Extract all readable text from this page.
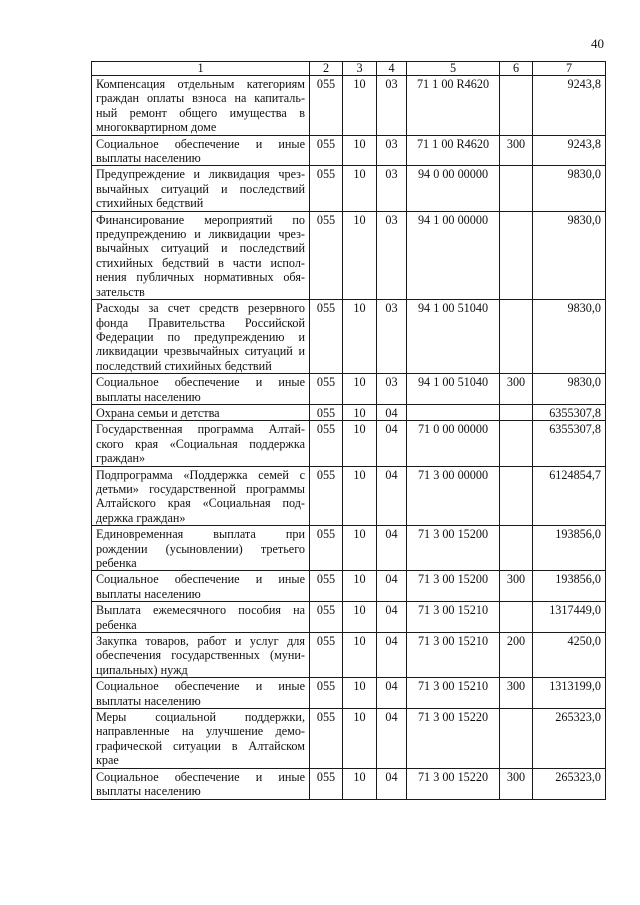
40
1	2	3	4	5	6	7
Компенсация отдельным категориям граждан оплаты взноса на капиталь-ный ремонт общего имущества в многоквартирном доме	055	10	03	71 1 00 R4620		9243,8
Социальное обеспечение и иные выплаты населению	055	10	03	71 1 00 R4620	300	9243,8
Предупреждение и ликвидация чрез-вычайных ситуаций и последствий стихийных бедствий	055	10	03	94 0 00 00000		9830,0
Финансирование мероприятий по предупреждению и ликвидации чрез-вычайных ситуаций и последствий стихийных бедствий в части испол-нения публичных нормативных обя-зательств	055	10	03	94 1 00 00000		9830,0
Расходы за счет средств резервного фонда Правительства Российской Федерации по предупреждению и ликвидации чрезвычайных ситуаций и последствий стихийных бедствий	055	10	03	94 1 00 51040		9830,0
Социальное обеспечение и иные выплаты населению	055	10	03	94 1 00 51040	300	9830,0
Охрана семьи и детства	055	10	04			6355307,8
Государственная программа Алтай-ского края «Социальная поддержка граждан»	055	10	04	71 0 00 00000		6355307,8
Подпрограмма «Поддержка семей с детьми» государственной программы Алтайского края «Социальная под-держка граждан»	055	10	04	71 3 00 00000		6124854,7
Единовременная выплата при рождении (усыновлении) третьего ребенка	055	10	04	71 3 00 15200		193856,0
Социальное обеспечение и иные выплаты населению	055	10	04	71 3 00 15200	300	193856,0
Выплата ежемесячного пособия на ребенка	055	10	04	71 3 00 15210		1317449,0
Закупка товаров, работ и услуг для обеспечения государственных (муни-ципальных) нужд	055	10	04	71 3 00 15210	200	4250,0
Социальное обеспечение и иные выплаты населению	055	10	04	71 3 00 15210	300	1313199,0
Меры социальной поддержки, направленные на улучшение демо-графической ситуации в Алтайском крае	055	10	04	71 3 00 15220		265323,0
Социальное обеспечение и иные выплаты населению	055	10	04	71 3 00 15220	300	265323,0
